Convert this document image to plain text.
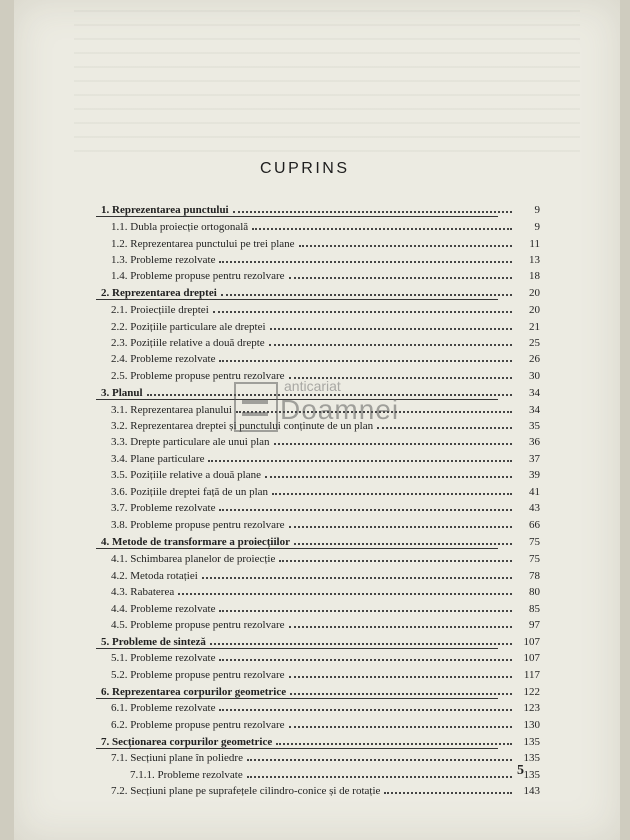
CUPRINS
1. Reprezentarea punctului	9
1.1. Dubla proiecție ortogonală	9
1.2. Reprezentarea punctului pe trei plane	11
1.3. Probleme rezolvate	13
1.4. Probleme propuse pentru rezolvare	18
2. Reprezentarea dreptei	20
2.1. Proiecțiile dreptei	20
2.2. Pozițiile particulare ale dreptei	21
2.3. Pozițiile relative a două drepte	25
2.4. Probleme rezolvate	26
2.5. Probleme propuse pentru rezolvare	30
3. Planul	34
3.1. Reprezentarea planului	34
3.2. Reprezentarea dreptei și punctului conținute de un plan	35
3.3. Drepte particulare ale unui plan	36
3.4. Plane particulare	37
3.5. Pozițiile relative a două plane	39
3.6. Pozițiile dreptei față de un plan	41
3.7. Probleme rezolvate	43
3.8. Probleme propuse pentru rezolvare	66
4. Metode de transformare a proiecțiilor	75
4.1. Schimbarea planelor de proiecție	75
4.2. Metoda rotației	78
4.3. Rabaterea	80
4.4. Probleme rezolvate	85
4.5. Probleme propuse pentru rezolvare	97
5. Probleme de sinteză	107
5.1. Probleme rezolvate	107
5.2. Probleme propuse pentru rezolvare	117
6. Reprezentarea corpurilor geometrice	122
6.1. Probleme rezolvate	123
6.2. Probleme propuse pentru rezolvare	130
7. Secționarea corpurilor geometrice	135
7.1. Secțiuni plane în poliedre	135
7.1.1. Probleme rezolvate	135
7.2. Secțiuni plane pe suprafețele cilindro-conice și de rotație	143
anticariat
Doamnei
5
